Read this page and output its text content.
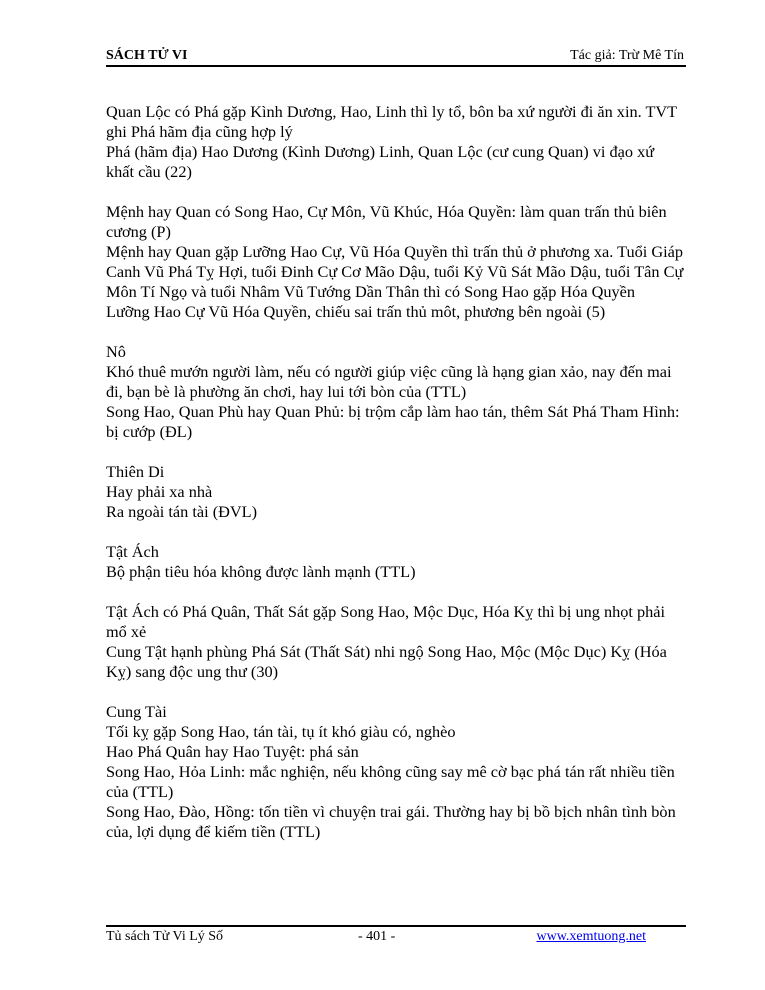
SÁCH TỬ VI	Tác giả: Trừ Mê Tín

Quan Lộc có Phá gặp Kình Dương, Hao, Linh thì ly tổ, bôn ba xứ người đi ăn xin. TVT ghi Phá hãm địa cũng hợp lý

Phá (hãm địa) Hao Dương (Kình Dương) Linh, Quan Lộc (cư cung Quan) vi đạo xứ khất cầu (22)

Mệnh hay Quan có Song Hao, Cự Môn, Vũ Khúc, Hóa Quyền: làm quan trấn thủ biên cương (P)

Mệnh hay Quan gặp Lưỡng Hao Cự, Vũ Hóa Quyền thì trấn thủ ở phương xa. Tuổi Giáp Canh Vũ Phá Tỵ Hợi, tuổi Đinh Cự Cơ Mão Dậu, tuổi Kỷ Vũ Sát Mão Dậu, tuổi Tân Cự Môn Tí Ngọ và tuổi Nhâm Vũ Tướng Dần Thân thì có Song Hao gặp Hóa Quyền

Lưỡng Hao Cự Vũ Hóa Quyền, chiếu sai trấn thủ môt, phương bên ngoài (5)

Nô

Khó thuê mướn người làm, nếu có người giúp việc cũng là hạng gian xảo, nay đến mai đi, bạn bè là phường ăn chơi, hay lui tới bòn của (TTL)

Song Hao, Quan Phù hay Quan Phủ: bị trộm cắp làm hao tán, thêm Sát Phá Tham Hình: bị cướp (ĐL)

Thiên Di

Hay phải xa nhà

Ra ngoài tán tài (ĐVL)

Tật Ách

Bộ phận tiêu hóa không được lành mạnh (TTL)

Tật Ách có Phá Quân, Thất Sát gặp Song Hao, Mộc Dục, Hóa Kỵ thì bị ung nhọt phải mổ xẻ

Cung Tật hạnh phùng Phá Sát (Thất Sát) nhi ngộ Song Hao, Mộc (Mộc Dục) Kỵ (Hóa Kỵ) sang độc ung thư (30)

Cung Tài

Tối kỵ gặp Song Hao, tán tài, tụ ít khó giàu có, nghèo

Hao Phá Quân hay Hao Tuyệt: phá sản

Song Hao, Hỏa Linh: mắc nghiện, nếu không cũng say mê cờ bạc phá tán rất nhiều tiền của (TTL)

Song Hao, Đào, Hồng: tốn tiền vì chuyện trai gái. Thường hay bị bồ bịch nhân tình bòn của, lợi dụng để kiếm tiền (TTL)

Tủ sách Tử Vi Lý Số	- 401 -	www.xemtuong.net
